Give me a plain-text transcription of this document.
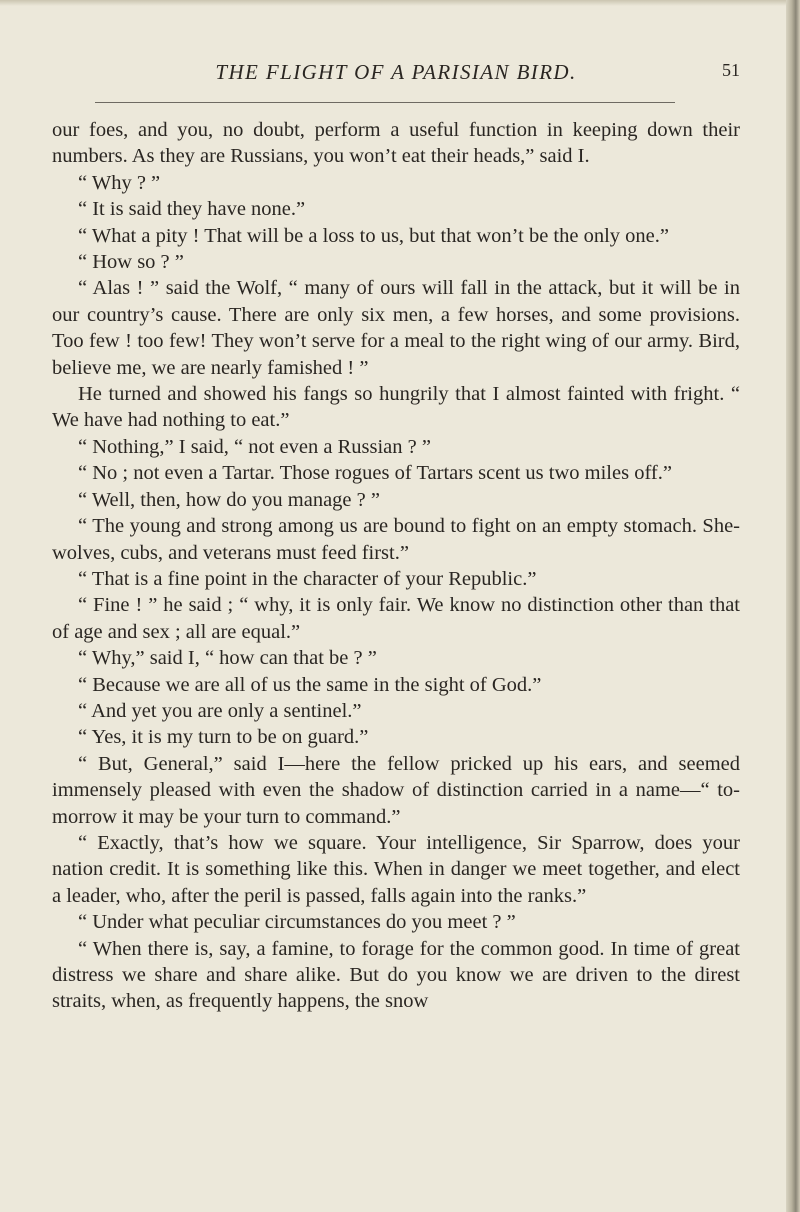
THE FLIGHT OF A PARISIAN BIRD.	51

our foes, and you, no doubt, perform a useful function in keeping down their numbers. As they are Russians, you won’t eat their heads,” said I.

“ Why ? ”

“ It is said they have none.”

“ What a pity ! That will be a loss to us, but that won’t be the only one.”

“ How so ? ”

“ Alas ! ” said the Wolf, “ many of ours will fall in the attack, but it will be in our country’s cause. There are only six men, a few horses, and some provisions. Too few ! too few! They won’t serve for a meal to the right wing of our army. Bird, believe me, we are nearly famished ! ”

He turned and showed his fangs so hungrily that I almost fainted with fright. “ We have had nothing to eat.”

“ Nothing,” I said, “ not even a Russian ? ”

“ No ; not even a Tartar. Those rogues of Tartars scent us two miles off.”

“ Well, then, how do you manage ? ”

“ The young and strong among us are bound to fight on an empty stomach. She-wolves, cubs, and veterans must feed first.”

“ That is a fine point in the character of your Republic.”

“ Fine ! ” he said ; “ why, it is only fair. We know no distinction other than that of age and sex ; all are equal.”

“ Why,” said I, “ how can that be ? ”

“ Because we are all of us the same in the sight of God.”

“ And yet you are only a sentinel.”

“ Yes, it is my turn to be on guard.”

“ But, General,” said I—here the fellow pricked up his ears, and seemed immensely pleased with even the shadow of distinction carried in a name—“ to-morrow it may be your turn to command.”

“ Exactly, that’s how we square. Your intelligence, Sir Sparrow, does your nation credit. It is something like this. When in danger we meet together, and elect a leader, who, after the peril is passed, falls again into the ranks.”

“ Under what peculiar circumstances do you meet ? ”

“ When there is, say, a famine, to forage for the common good. In time of great distress we share and share alike. But do you know we are driven to the direst straits, when, as frequently happens, the snow
